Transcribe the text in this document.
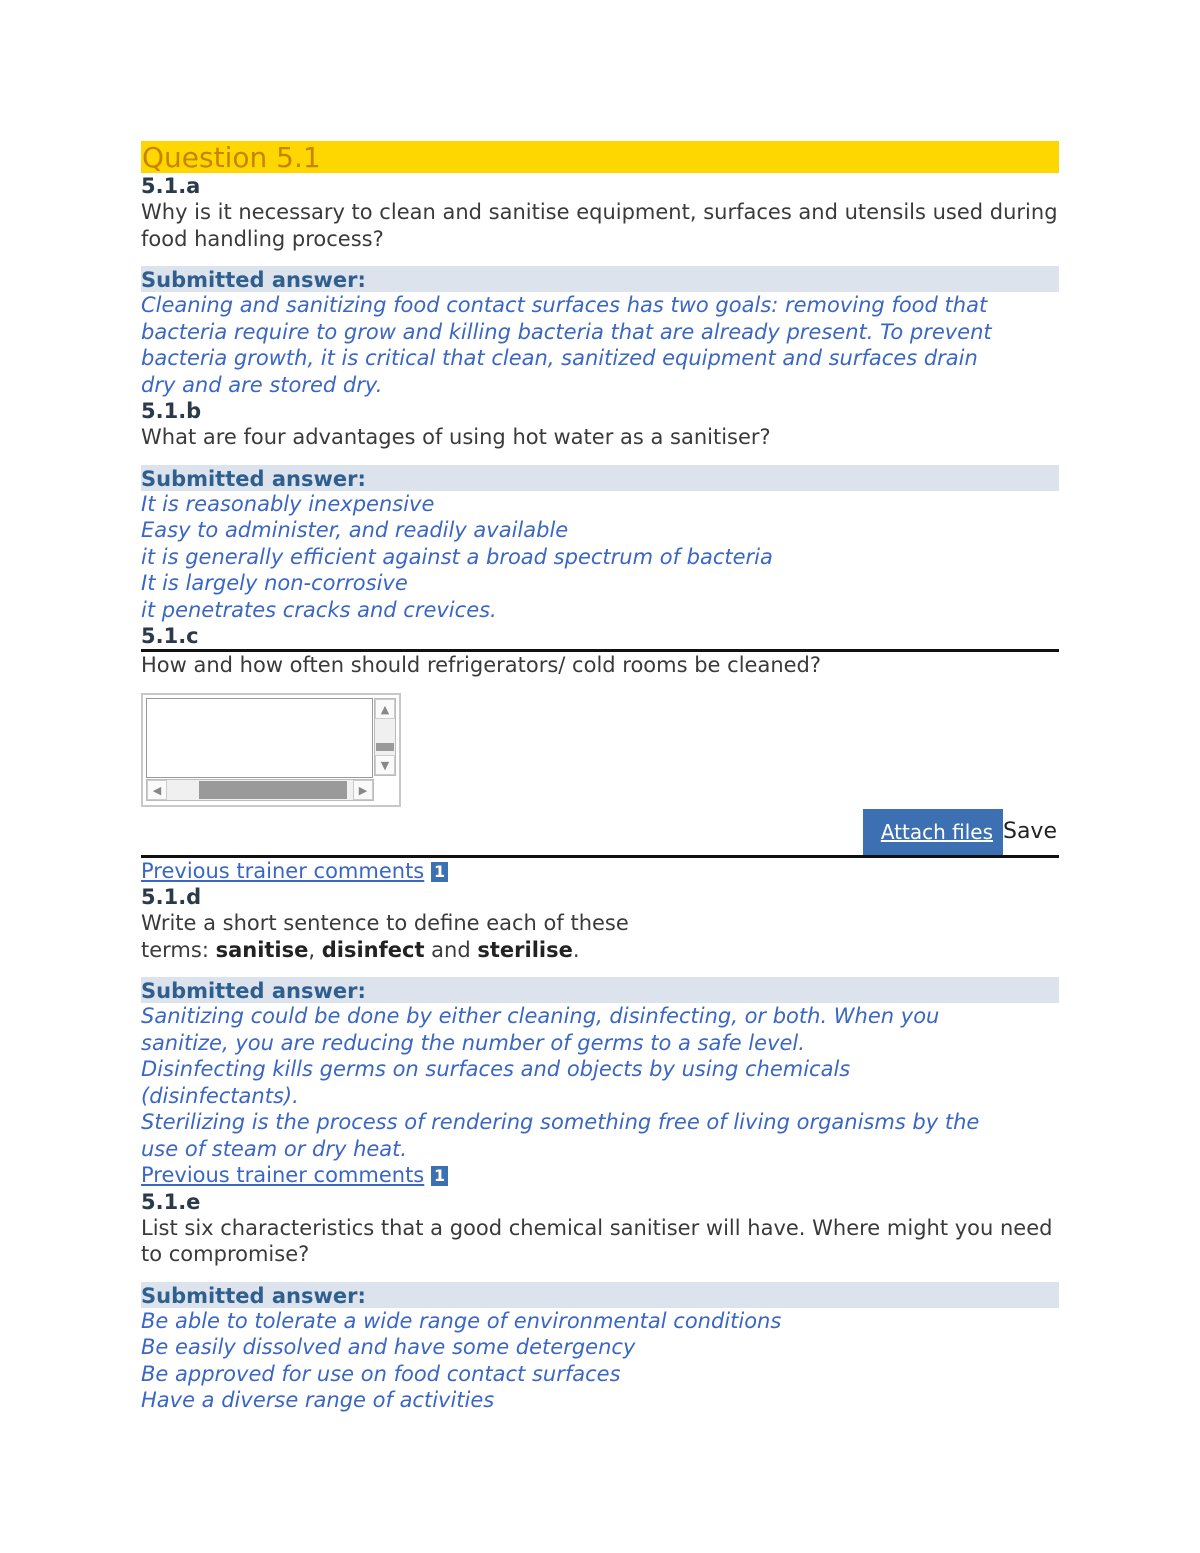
Question 5.1
5.1.a
Why is it necessary to clean and sanitise equipment, surfaces and utensils used during food handling process?
Submitted answer:
Cleaning and sanitizing food contact surfaces has two goals: removing food that
bacteria require to grow and killing bacteria that are already present. To prevent
bacteria growth, it is critical that clean, sanitized equipment and surfaces drain
dry and are stored dry.
5.1.b
What are four advantages of using hot water as a sanitiser?
Submitted answer:
It is reasonably inexpensive
Easy to administer, and readily available
it is generally efficient against a broad spectrum of bacteria
It is largely non-corrosive
it penetrates cracks and crevices.
5.1.c
How and how often should refrigerators/ cold rooms be cleaned?
▲
▼
◀	▶
Attach files Save
Previous trainer comments 1
5.1.d
Write a short sentence to define each of these
terms: sanitise, disinfect and sterilise.
Submitted answer:
Sanitizing could be done by either cleaning, disinfecting, or both. When you
sanitize, you are reducing the number of germs to a safe level.
Disinfecting kills germs on surfaces and objects by using chemicals
(disinfectants).
Sterilizing is the process of rendering something free of living organisms by the
use of steam or dry heat.
Previous trainer comments 1
5.1.e
List six characteristics that a good chemical sanitiser will have. Where might you need to compromise?
Submitted answer:
Be able to tolerate a wide range of environmental conditions
Be easily dissolved and have some detergency
Be approved for use on food contact surfaces
Have a diverse range of activities
